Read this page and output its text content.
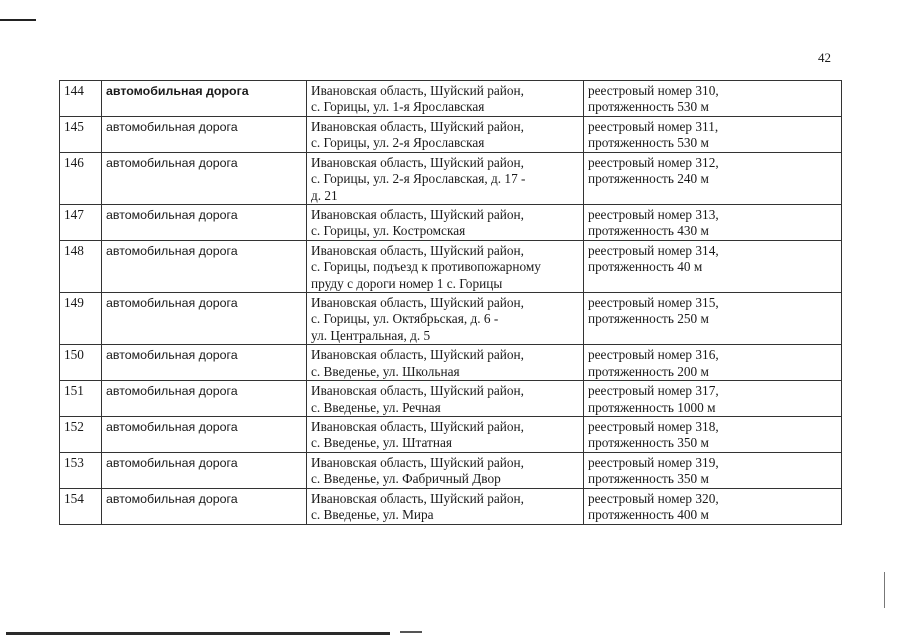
42
144	автомобильная дорога	Ивановская область, Шуйский район,
с. Горицы, ул. 1-я Ярославская	реестровый номер 310,
протяженность 530 м

145	автомобильная дорога	Ивановская область, Шуйский район,
с. Горицы, ул. 2-я Ярославская	реестровый номер 311,
протяженность 530 м

146	автомобильная дорога	Ивановская область, Шуйский район,
с. Горицы, ул. 2-я Ярославская, д. 17 -
д. 21	реестровый номер 312,
протяженность 240 м

147	автомобильная дорога	Ивановская область, Шуйский район,
с. Горицы, ул. Костромская	реестровый номер 313,
протяженность 430 м

148	автомобильная дорога	Ивановская область, Шуйский район,
с. Горицы, подъезд к противопожарному
пруду с дороги номер 1 с. Горицы	реестровый номер 314,
протяженность 40 м

149	автомобильная дорога	Ивановская область, Шуйский район,
с. Горицы, ул. Октябрьская, д. 6 -
ул. Центральная, д. 5	реестровый номер 315,
протяженность 250 м

150	автомобильная дорога	Ивановская область, Шуйский район,
с. Введенье, ул. Школьная	реестровый номер 316,
протяженность 200 м

151	автомобильная дорога	Ивановская область, Шуйский район,
с. Введенье, ул. Речная	реестровый номер 317,
протяженность 1000 м

152	автомобильная дорога	Ивановская область, Шуйский район,
с. Введенье, ул. Штатная	реестровый номер 318,
протяженность 350 м

153	автомобильная дорога	Ивановская область, Шуйский район,
с. Введенье, ул. Фабричный Двор	реестровый номер 319,
протяженность 350 м

154	автомобильная дорога	Ивановская область, Шуйский район,
с. Введенье, ул. Мира	реестровый номер 320,
протяженность 400 м
